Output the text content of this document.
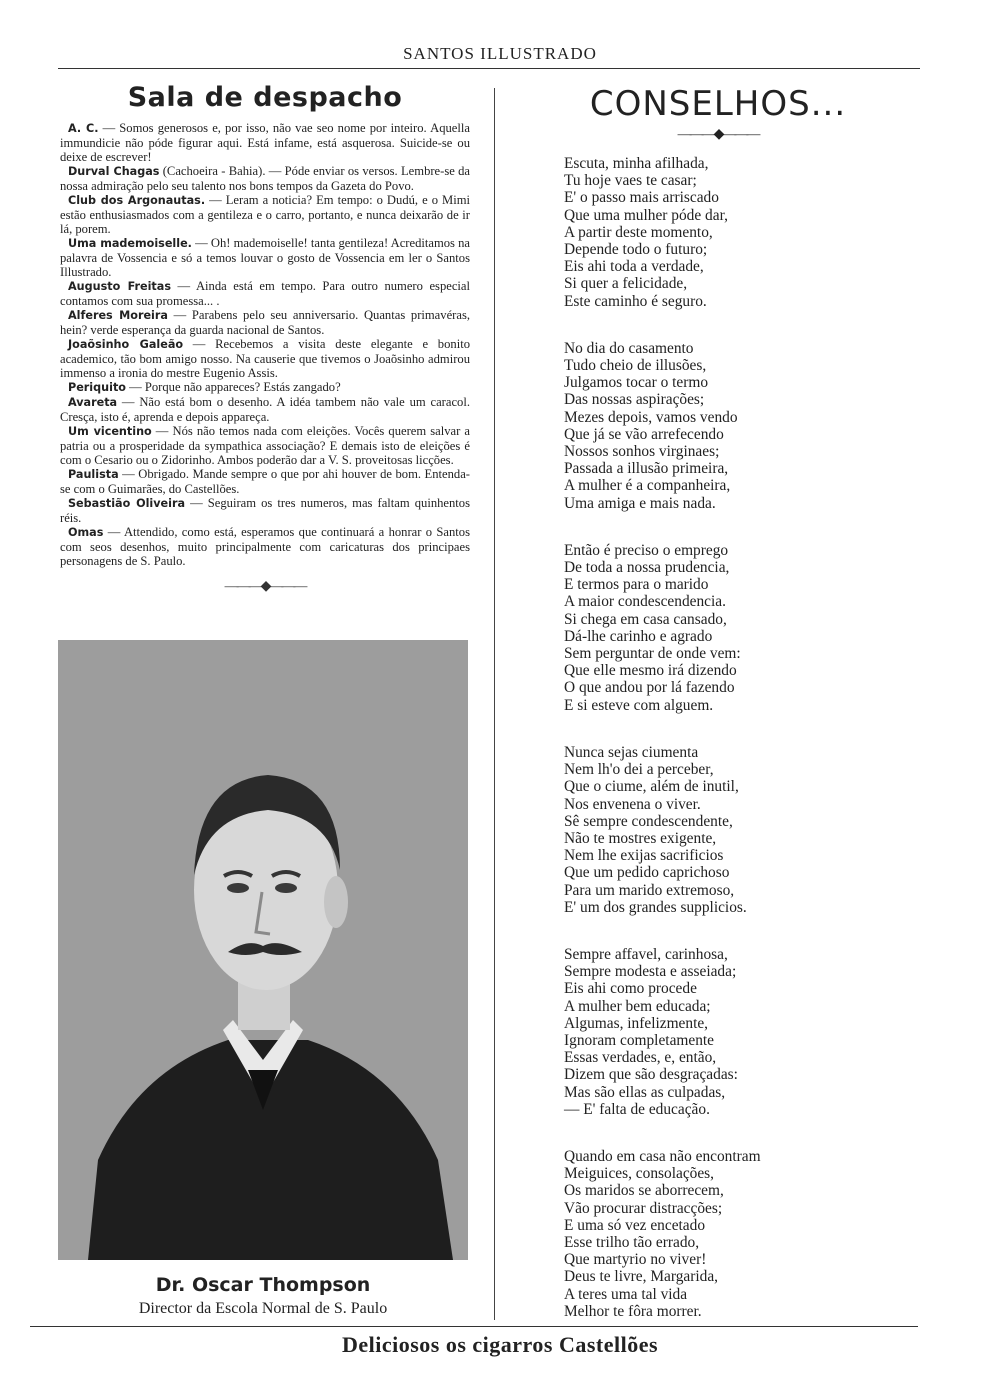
SANTOS ILLUSTRADO
Sala de despacho

A. C. — Somos generosos e, por isso, não vae seo nome por inteiro. Aquella immundicie não póde figurar aqui. Está infame, está asquerosa. Suicide-se ou deixe de escrever!

Durval Chagas (Cachoeira - Bahia). — Póde enviar os versos. Lembre-se da nossa admiração pelo seu talento nos bons tempos da Gazeta do Povo.

Club dos Argonautas. — Leram a noticia? Em tempo: o Dudú, e o Mimi estão enthusiasmados com a gentileza e o carro, portanto, e nunca deixarão de ir lá, porem.

Uma mademoiselle. — Oh! mademoiselle! tanta gentileza! Acreditamos na palavra de Vossencia e só a temos louvar o gosto de Vossencia em ler o Santos Illustrado.

Augusto Freitas — Ainda está em tempo. Para outro numero especial contamos com sua promessa... .

Alferes Moreira — Parabens pelo seu anniversario. Quantas primavéras, hein? verde esperança da guarda nacional de Santos.

Joaõsinho Galeão — Recebemos a visita deste elegante e bonito academico, tão bom amigo nosso. Na causerie que tivemos o Joaõsinho admirou immenso a ironia do mestre Eugenio Assis.

Periquito — Porque não appareces? Estás zangado?

Avareta — Não está bom o desenho. A idéa tambem não vale um caracol. Cresça, isto é, aprenda e depois appareça.

Um vicentino — Nós não temos nada com eleições. Vocês querem salvar a patria ou a prosperidade da sympathica associação? E demais isto de eleições é com o Cesario ou o Zidorinho. Ambos poderão dar a V. S. proveitosas licções.

Paulista — Obrigado. Mande sempre o que por ahi houver de bom. Entenda-se com o Guimarães, do Castellões.

Sebastião Oliveira — Seguiram os tres numeros, mas faltam quinhentos réis.

Omas — Attendido, como está, esperamos que continuará a honrar o Santos com seos desenhos, muito principalmente com caricaturas dos principaes personagens de S. Paulo.

———◆———
Dr. Oscar Thompson
Director da Escola Normal de S. Paulo
CONSELHOS...
———◆———
Escuta, minha afilhada,
Tu hoje vaes te casar;
E' o passo mais arriscado
Que uma mulher póde dar,
A partir deste momento,
Depende todo o futuro;
Eis ahi toda a verdade,
Si quer a felicidade,
Este caminho é seguro.
No dia do casamento
Tudo cheio de illusões,
Julgamos tocar o termo
Das nossas aspirações;
Mezes depois, vamos vendo
Que já se vão arrefecendo
Nossos sonhos virginaes;
Passada a illusão primeira,
A mulher é a companheira,
Uma amiga e mais nada.
Então é preciso o emprego
De toda a nossa prudencia,
E termos para o marido
A maior condescendencia.
Si chega em casa cansado,
Dá-lhe carinho e agrado
Sem perguntar de onde vem:
Que elle mesmo irá dizendo
O que andou por lá fazendo
E si esteve com alguem.
Nunca sejas ciumenta
Nem lh'o dei a perceber,
Que o ciume, além de inutil,
Nos envenena o viver.
Sê sempre condescendente,
Não te mostres exigente,
Nem lhe exijas sacrificios
Que um pedido caprichoso
Para um marido extremoso,
E' um dos grandes supplicios.
Sempre affavel, carinhosa,
Sempre modesta e asseiada;
Eis ahi como procede
A mulher bem educada;
Algumas, infelizmente,
Ignoram completamente
Essas verdades, e, então,
Dizem que são desgraçadas:
Mas são ellas as culpadas,
— E' falta de educação.
Quando em casa não encontram
Meiguices, consolações,
Os maridos se aborrecem,
Vão procurar distracções;
E uma só vez encetado
Esse trilho tão errado,
Que martyrio no viver!
Deus te livre, Margarida,
A teres uma tal vida
Melhor te fôra morrer.
Deliciosos os cigarros Castellões
